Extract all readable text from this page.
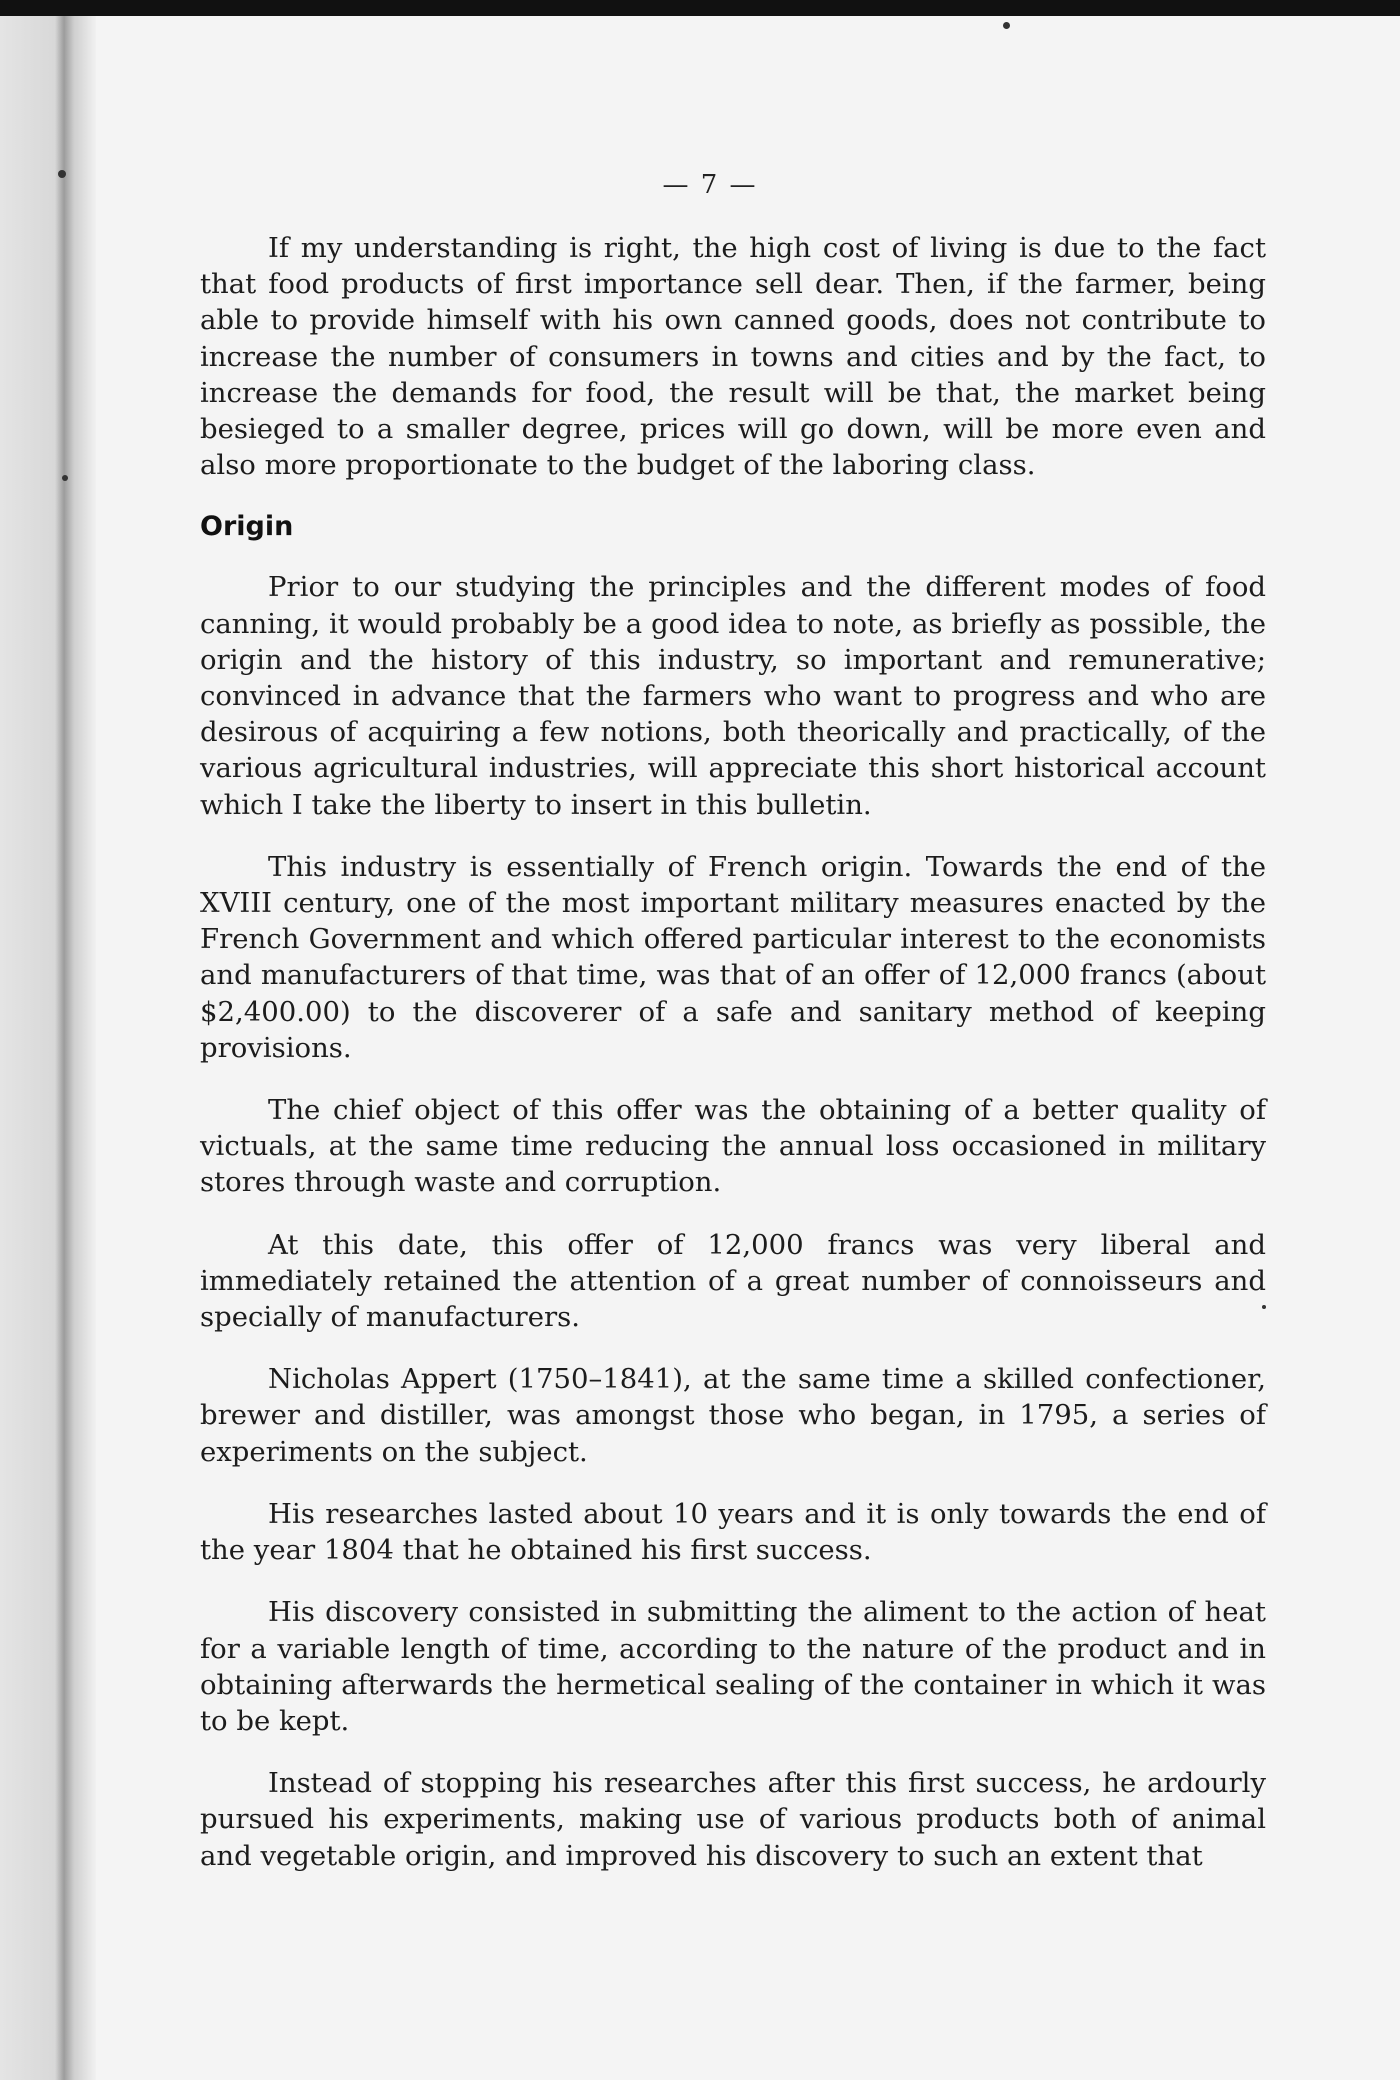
— 7 —

If my understanding is right, the high cost of living is due to the fact that food products of first importance sell dear. Then, if the farmer, being able to provide himself with his own canned goods, does not contribute to increase the number of consumers in towns and cities and by the fact, to increase the demands for food, the result will be that, the market being besieged to a smaller degree, prices will go down, will be more even and also more proportionate to the budget of the laboring class.

Origin

Prior to our studying the principles and the different modes of food canning, it would probably be a good idea to note, as briefly as possible, the origin and the history of this industry, so important and remunerative; convinced in advance that the farmers who want to progress and who are desirous of acquiring a few notions, both theorically and practically, of the various agricultural industries, will appreciate this short historical account which I take the liberty to insert in this bulletin.

This industry is essentially of French origin. Towards the end of the XVIII century, one of the most important military measures enacted by the French Government and which offered particular interest to the economists and manufacturers of that time, was that of an offer of 12,000 francs (about $2,400.00) to the discoverer of a safe and sanitary method of keeping provisions.

The chief object of this offer was the obtaining of a better quality of victuals, at the same time reducing the annual loss occasioned in military stores through waste and corruption.

At this date, this offer of 12,000 francs was very liberal and immediately retained the attention of a great number of connoisseurs and specially of manufacturers.

Nicholas Appert (1750–1841), at the same time a skilled confectioner, brewer and distiller, was amongst those who began, in 1795, a series of experiments on the subject.

His researches lasted about 10 years and it is only towards the end of the year 1804 that he obtained his first success.

His discovery consisted in submitting the aliment to the action of heat for a variable length of time, according to the nature of the product and in obtaining afterwards the hermetical sealing of the container in which it was to be kept.

Instead of stopping his researches after this first success, he ardourly pursued his experiments, making use of various products both of animal and vegetable origin, and improved his discovery to such an extent that
